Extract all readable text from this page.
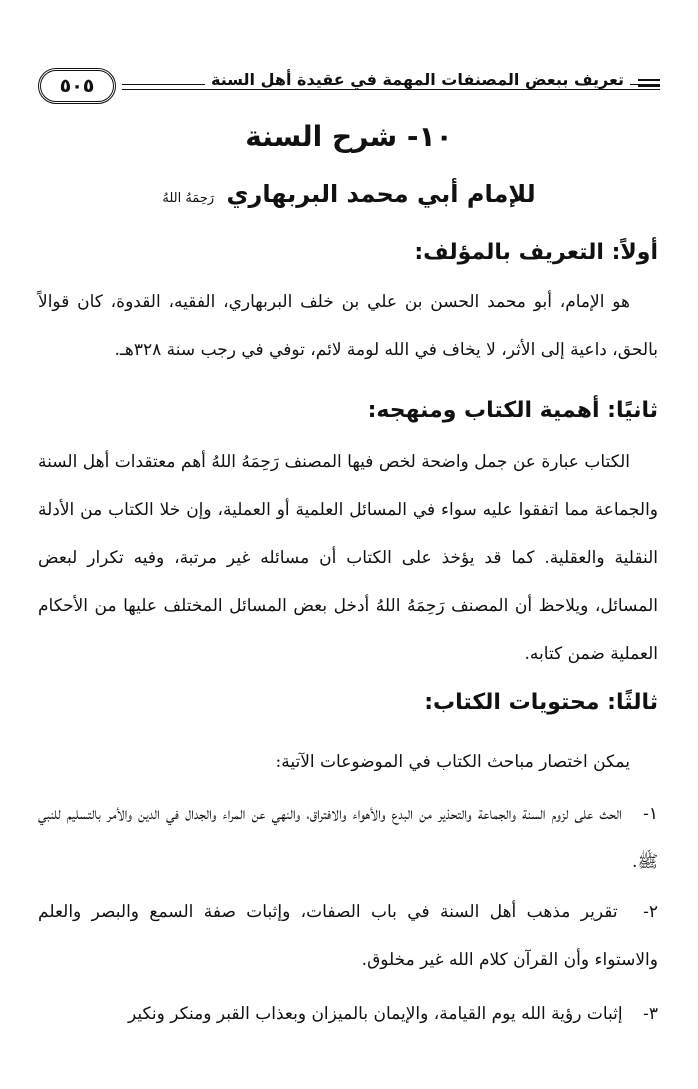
تعريف ببعض المصنفات المهمة في عقيدة أهل السنة
٥٠٥
١٠- شرح السنة
للإمام أبي محمد البربهاري رَحِمَهُ اللهُ
أولاً: التعريف بالمؤلف:
هو الإمام، أبو محمد الحسن بن علي بن خلف البربهاري، الفقيه، القدوة، كان قوالاً بالحق، داعية إلى الأثر، لا يخاف في الله لومة لائم، توفي في رجب سنة ٣٢٨هـ.
ثانيًا: أهمية الكتاب ومنهجه:
الكتاب عبارة عن جمل واضحة لخص فيها المصنف رَحِمَهُ اللهُ أهم معتقدات أهل السنة والجماعة مما اتفقوا عليه سواء في المسائل العلمية أو العملية، وإن خلا الكتاب من الأدلة النقلية والعقلية. كما قد يؤخذ على الكتاب أن مسائله غير مرتبة، وفيه تكرار لبعض المسائل، ويلاحظ أن المصنف رَحِمَهُ اللهُ أدخل بعض المسائل المختلف عليها من الأحكام العملية ضمن كتابه.
ثالثًا: محتويات الكتاب:
يمكن اختصار مباحث الكتاب في الموضوعات الآتية:
١- الحث على لزوم السنة والجماعة والتحذير من البدع والأهواء والافتراق، والنهي عن المراء والجدال في الدين والأمر بالتسليم للنبي ﷺ.
٢- تقرير مذهب أهل السنة في باب الصفات، وإثبات صفة السمع والبصر والعلم والاستواء وأن القرآن كلام الله غير مخلوق.
٣- إثبات رؤية الله يوم القيامة، والإيمان بالميزان وبعذاب القبر ومنكر ونكير
